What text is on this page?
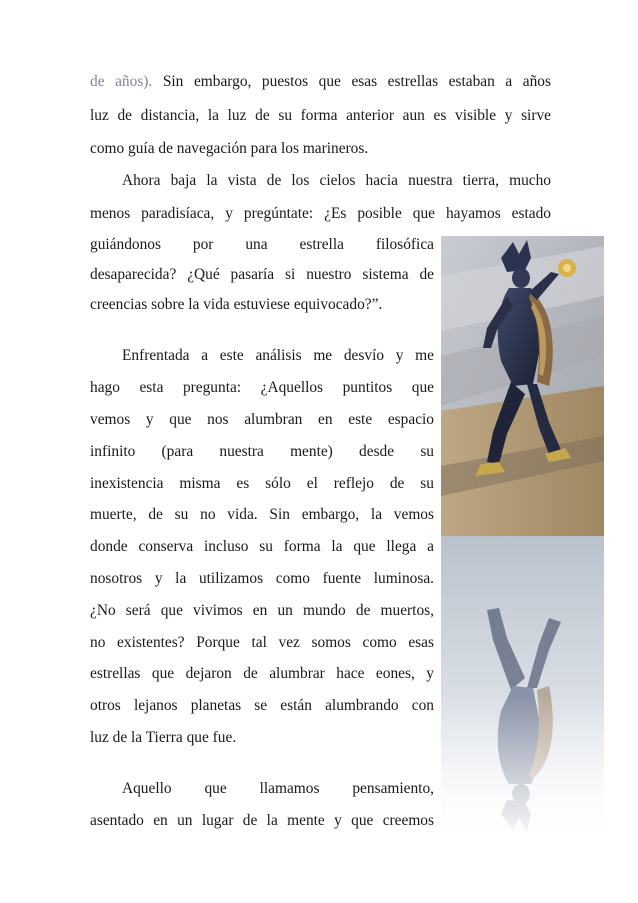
de años). Sin embargo, puestos que esas estrellas estaban a años
luz de distancia, la luz de su forma anterior aun es visible y sirve
como guía de navegación para los marineros.
Ahora baja la vista de los cielos hacia nuestra tierra, mucho
menos paradisíaca, y pregúntate: ¿Es posible que hayamos estado
guiándonos por una estrella filosófica
desaparecida? ¿Qué pasaría si nuestro sistema de
creencias sobre la vida estuviese equivocado?”.
Enfrentada a este análisis me desvío y me
hago esta pregunta: ¿Aquellos puntitos que
vemos y que nos alumbran en este espacio
infinito (para nuestra mente) desde su
inexistencia misma es sólo el reflejo de su
muerte, de su no vida. Sin embargo, la vemos
donde conserva incluso su forma la que llega a
nosotros y la utilizamos como fuente luminosa.
¿No será que vivimos en un mundo de muertos,
no existentes? Porque tal vez somos como esas
estrellas que dejaron de alumbrar hace eones, y
otros lejanos planetas se están alumbrando con
luz de la Tierra que fue.
Aquello que llamamos pensamiento,
asentado en un lugar de la mente y que creemos
